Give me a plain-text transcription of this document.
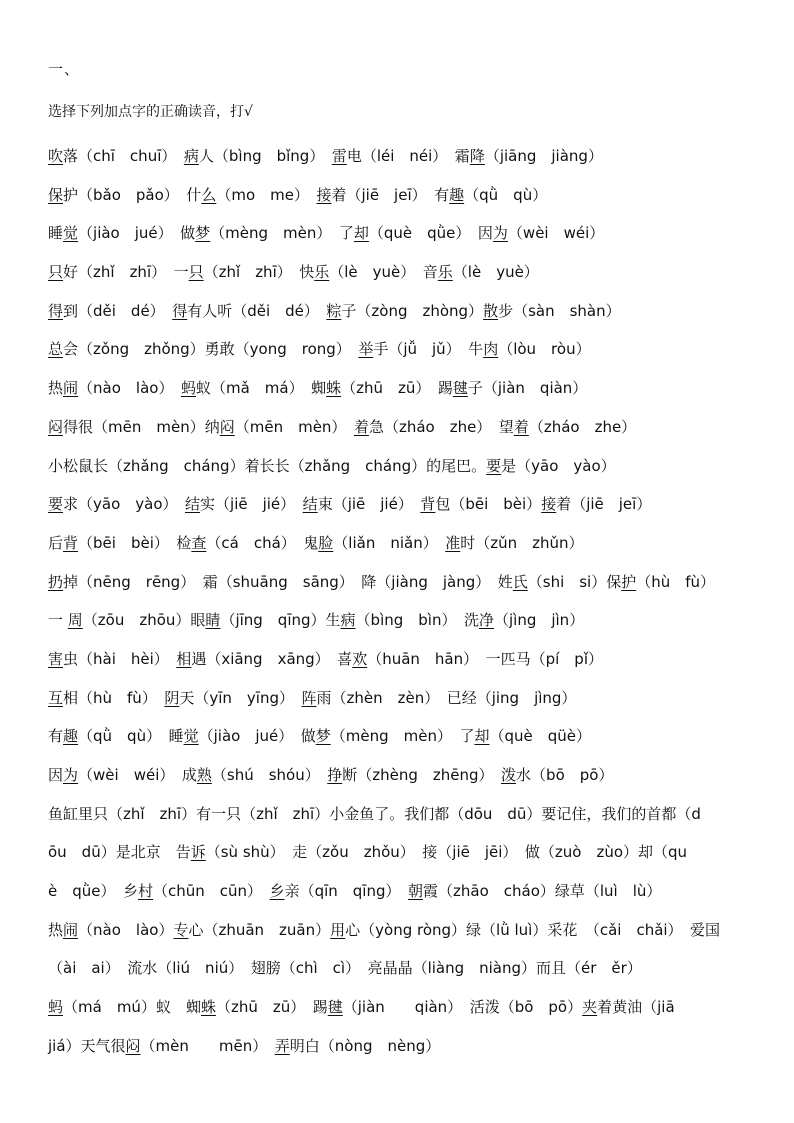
一、
选择下列加点字的正确读音，打√
吹落（chī　chuī）　病人（bìng　bǐng）　雷电（léi　néi）　霜降（jiāng　jiàng）
保护（bǎo　pǎo）　什么（mo　me）　接着（jiē　jeī）　有趣（qǜ　qù）
睡觉（jiào　jué）　做梦（mèng　mèn）　了却（què　qǜe）　因为（wèi　wéi）
只好（zhǐ　zhī）　一只（zhǐ　zhī）　快乐（lè　yuè）　音乐（lè　yuè）
得到（děi　dé）　得有人听（děi　dé）　粽子（zòng　zhòng）散步（sàn　shàn）
总会（zǒng　zhǒng）勇敢（yong　rong）　举手（jǚ　jǔ）　牛肉（lòu　ròu）
热闹（nào　lào）　蚂蚁（mǎ　má）　蜘蛛（zhū　zū）　踢毽子（jiàn　qiàn）
闷得很（mēn　mèn）纳闷（mēn　mèn）　着急（zháo　zhe）　望着（zháo　zhe）
小松鼠长（zhǎng　cháng）着长长（zhǎng　cháng）的尾巴。要是（yāo　yào）
要求（yāo　yào）　结实（jiē　jié）　结束（jiē　jié）　背包（bēi　bèi）接着（jiē　jeī）
后背（bēi　bèi）　检查（cá　chá）　鬼脸（liǎn　niǎn）　准时（zǔn　zhǔn）
扔掉（nēng　rēng）　霜（shuāng　sāng）　降（jiàng　jàng）　姓氏（shi　si）保护（hù　fù）
一 周（zōu　zhōu）眼睛（jīng　qīng）生病（bìng　bìn）　洗净（jìng　jìn）
害虫（hài　hèi）　相遇（xiāng　xāng）　喜欢（huān　hān）　一匹马（pí　pǐ）
互相（hù　fù）　阴天（yīn　yīng）　阵雨（zhèn　zèn）　已经（jing　jìng）
有趣（qǜ　qù）　睡觉（jiào　jué）　做梦（mèng　mèn）　了却（què　qüè）
因为（wèi　wéi）　成熟（shú　shóu）　挣断（zhèng　zhēng）　泼水（bō　pō）
鱼缸里只（zhǐ　zhī）有一只（zhǐ　zhī）小金鱼了。我们都（dōu　dū）要记住，我们的首都（d
ōu　dū）是北京　告诉（sù shù）　走（zǒu　zhǒu）　接（jiē　jēi）　做（zuò　zùo）却（qu
è　qǜe）　乡村（chūn　cūn）　乡亲（qīn　qīng）　朝霞（zhāo　cháo）绿草（luì　lù）
热闹（nào　lào）专心（zhuān　zuān）用心（yòng ròng）绿（lǜ luì）采花　（cǎi　chǎi）　爱国
（ài　ai）　流水（liú　niú）　翅膀（chì　cì）　亮晶晶（liàng　niàng）而且（ér　ěr）
蚂（má　mú）蚁　蜘蛛（zhū　zū）　踢毽（jiàn　　qiàn）　活泼（bō　pō）夹着黄油（jiā
jiá）天气很闷（mèn　　mēn）　弄明白（nòng　nèng）
